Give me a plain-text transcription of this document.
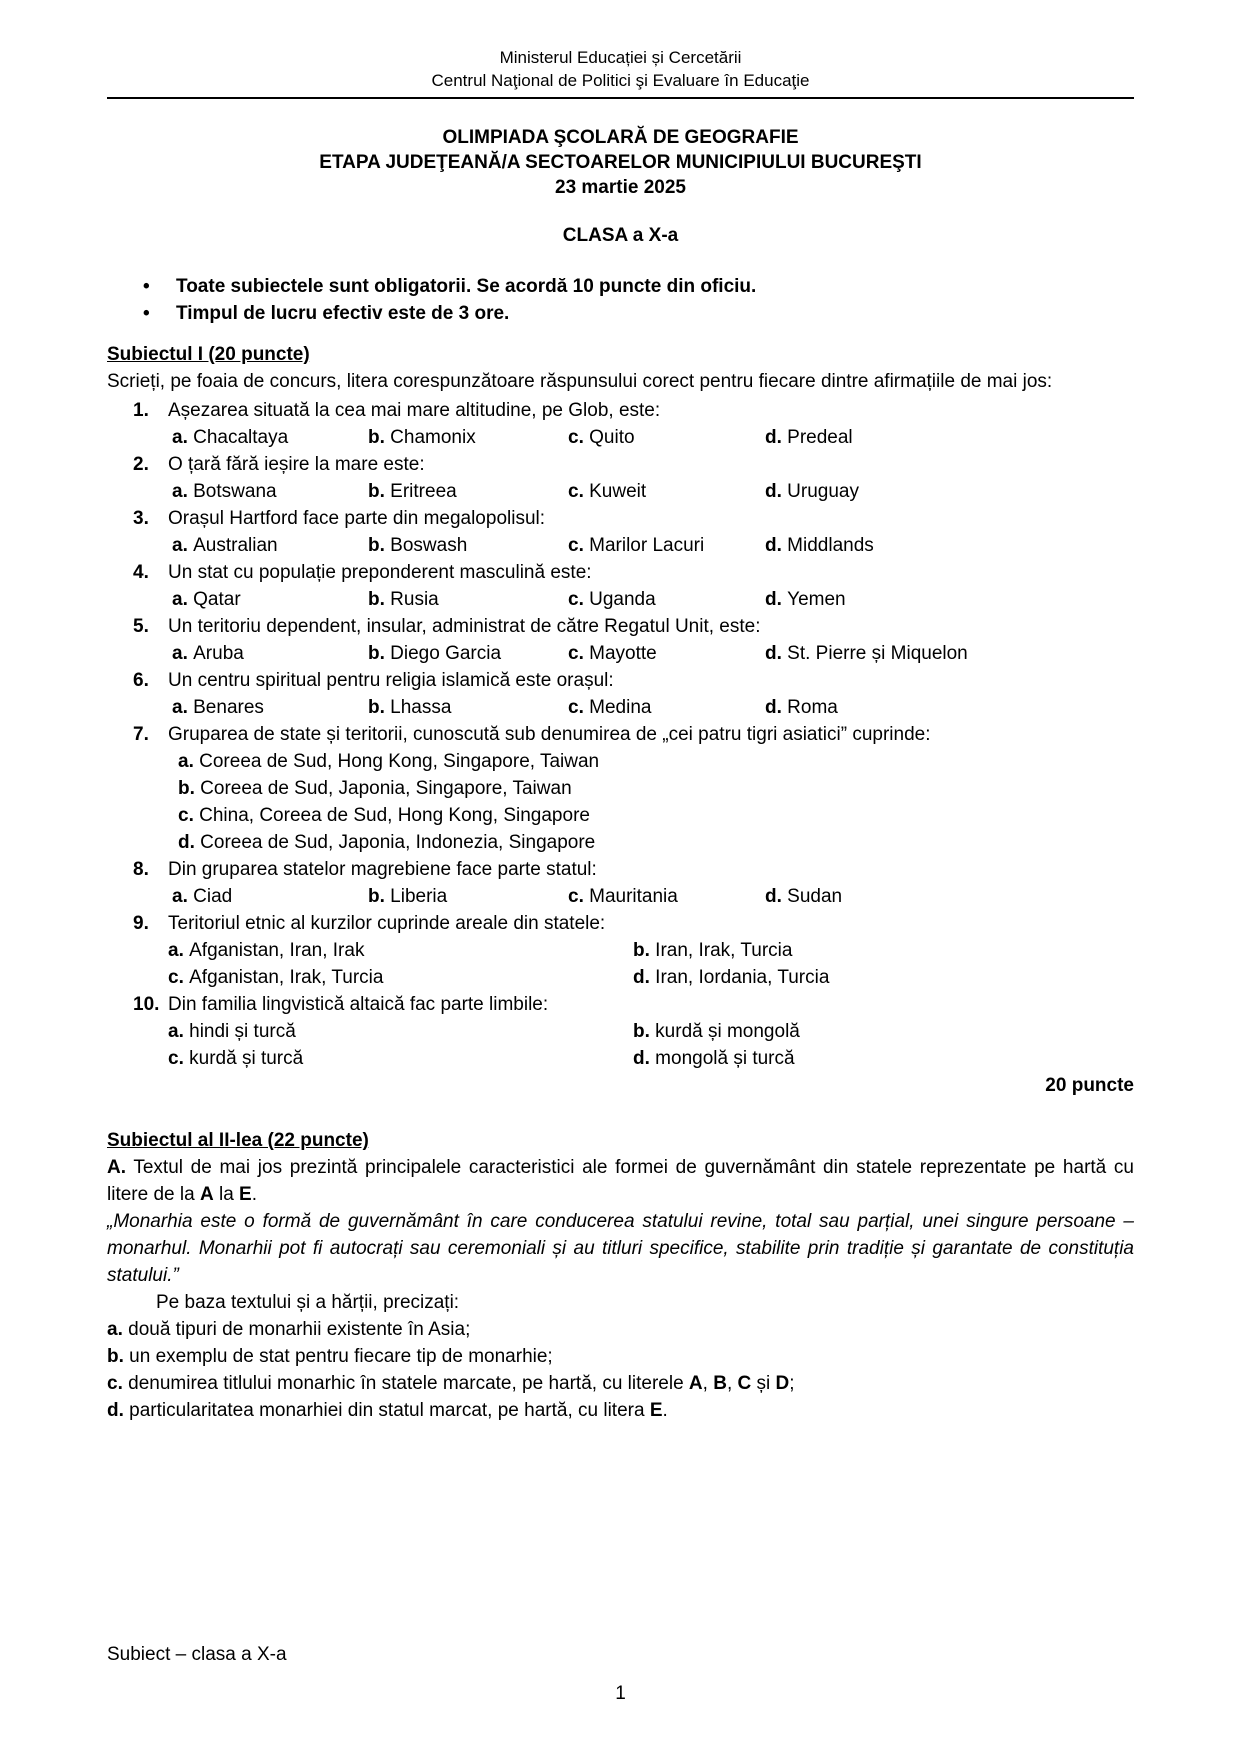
Ministerul Educației și Cercetării
Centrul Naţional de Politici şi Evaluare în Educaţie
OLIMPIADA ŞCOLARĂ DE GEOGRAFIE
ETAPA JUDEŢEANĂ/A SECTOARELOR MUNICIPIULUI BUCUREŞTI
23 martie 2025
CLASA a X-a
•
Toate subiectele sunt obligatorii. Se acordă 10 puncte din oficiu.
•
Timpul de lucru efectiv este de 3 ore.
Subiectul I (20 puncte)
Scrieți, pe foaia de concurs, litera corespunzătoare răspunsului corect pentru fiecare dintre afirmațiile de mai jos:
1.	Așezarea situată la cea mai mare altitudine, pe Glob, este:
a. Chacaltaya	b. Chamonix	c. Quito	d. Predeal
2.	O țară fără ieșire la mare este:
a. Botswana	b. Eritreea	c. Kuweit	d. Uruguay
3.	Orașul Hartford face parte din megalopolisul:
a. Australian	b. Boswash	c. Marilor Lacuri	d. Middlands
4.	Un stat cu populație preponderent masculină este:
a. Qatar	b. Rusia	c. Uganda	d. Yemen
5.	Un teritoriu dependent, insular, administrat de către Regatul Unit, este:
a. Aruba	b. Diego Garcia	c. Mayotte	d. St. Pierre și Miquelon
6.	Un centru spiritual pentru religia islamică este orașul:
a. Benares	b. Lhassa	c. Medina	d. Roma
7.	Gruparea de state și teritorii, cunoscută sub denumirea de „cei patru tigri asiatici” cuprinde:
a. Coreea de Sud, Hong Kong, Singapore, Taiwan
b. Coreea de Sud, Japonia, Singapore, Taiwan
c. China, Coreea de Sud, Hong Kong, Singapore
d. Coreea de Sud, Japonia, Indonezia, Singapore
8.	Din gruparea statelor magrebiene face parte statul:
a. Ciad	b. Liberia	c. Mauritania	d. Sudan
9.	Teritoriul etnic al kurzilor cuprinde areale din statele:
a. Afganistan, Iran, Irak	b. Iran, Irak, Turcia
c. Afganistan, Irak, Turcia	d. Iran, Iordania, Turcia
10. Din familia lingvistică altaică fac parte limbile:
a. hindi și turcă	b. kurdă și mongolă
c. kurdă și turcă	d. mongolă și turcă
20 puncte
Subiectul al II-lea (22 puncte)
A. Textul de mai jos prezintă principalele caracteristici ale formei de guvernământ din statele reprezentate pe hartă cu litere de la A la E.
„Monarhia este o formă de guvernământ în care conducerea statului revine, total sau parțial, unei singure persoane – monarhul. Monarhii pot fi autocrați sau ceremoniali și au titluri specifice, stabilite prin tradiție și garantate de constituția statului.”
Pe baza textului și a hărții, precizați:
a. două tipuri de monarhii existente în Asia;
b. un exemplu de stat pentru fiecare tip de monarhie;
c. denumirea titlului monarhic în statele marcate, pe hartă, cu literele A, B, C și D;
d. particularitatea monarhiei din statul marcat, pe hartă, cu litera E.
Subiect – clasa a X-a
1
